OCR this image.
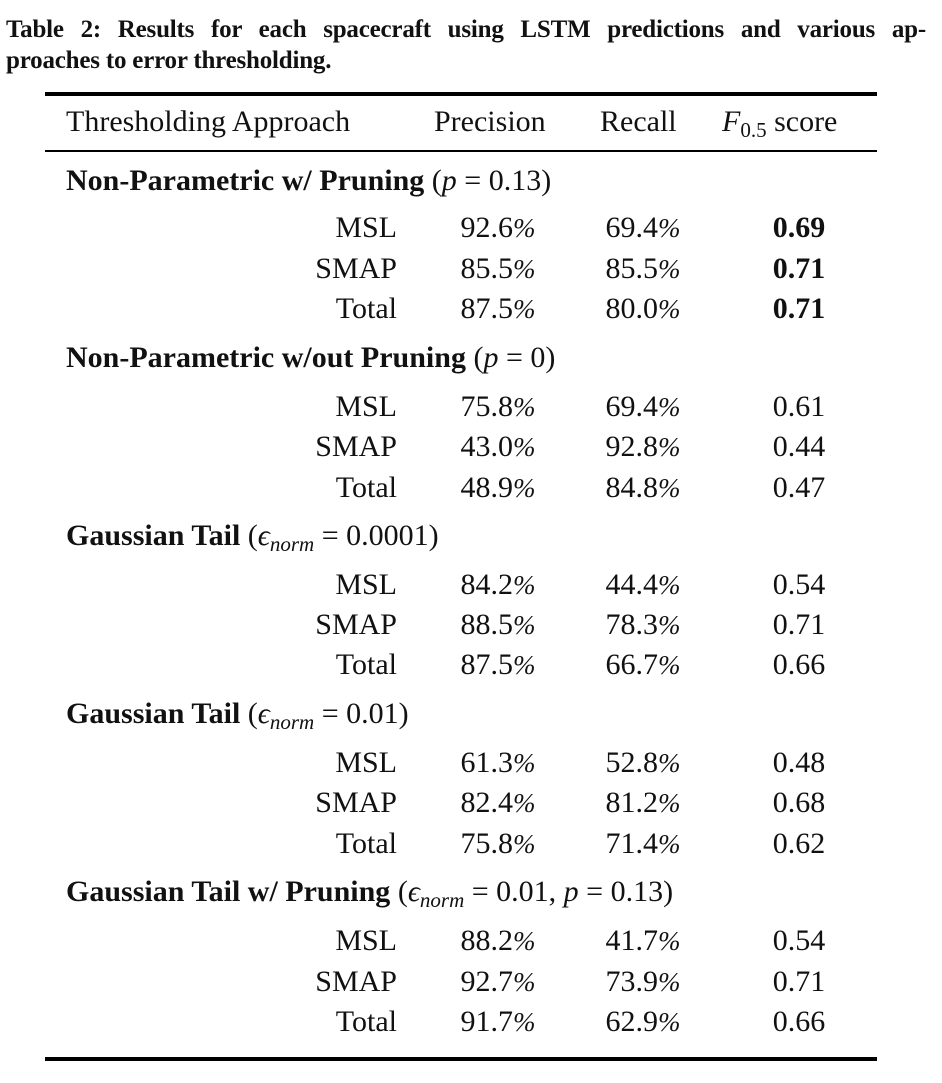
Table 2: Results for each spacecraft using LSTM predictions and various ap-
proaches to error thresholding.
Thresholding Approach	Precision Recall $F_{0.5}$ score
Non-Parametric w/ Pruning (p = 0.13)
MSL	92.6%	69.4%	0.69
SMAP	85.5%	85.5%	0.71
Total	87.5%	80.0%	0.71
Non-Parametric w/out Pruning (p = 0)
MSL	75.8%	69.4%	0.61
SMAP	43.0%	92.8%	0.44
Total	48.9%	84.8%	0.47
Gaussian Tail $(\epsilon_{norm} = 0.0001)$
MSL	84.2%	44.4%	0.54
SMAP	88.5%	78.3%	0.71
Total	87.5%	66.7%	0.66
Gaussian Tail $(\epsilon_{norm} = 0.01)$
MSL	61.3%	52.8%	0.48
SMAP	82.4%	81.2%	0.68
Total	75.8%	71.4%	0.62
Gaussian Tail w/ Pruning ($\epsilon_{norm} = 0.01$, p = 0.13)
MSL	88.2%	41.7%	0.54
SMAP	92.7%	73.9%	0.71
Total	91.7%	62.9%	0.66
